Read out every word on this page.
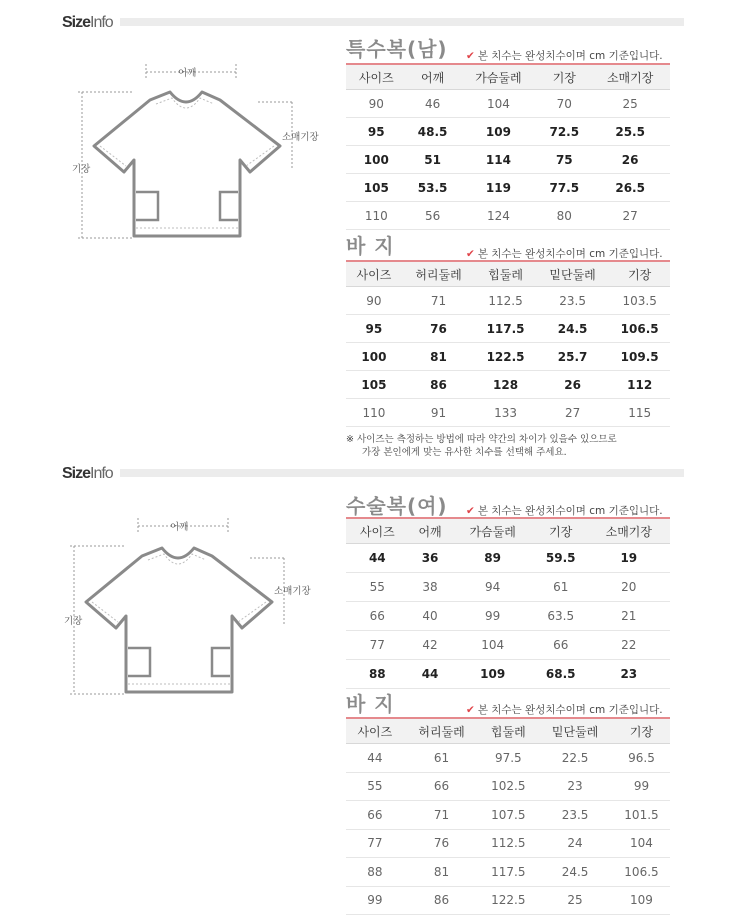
SizeInfo
어깨
소매기장
기장
특수복(남) ✔ 본 치수는 완성치수이며 cm 기준입니다.
사이즈	어깨	가슴둘레	기장	소매기장
90	46	104	70	25
95	48.5	109	72.5	25.5
100	51	114	75	26
105	53.5	119	77.5	26.5
110	56	124	80	27
바 지	✔ 본 치수는 완성치수이며 cm 기준입니다.
사이즈	허리둘레	힙둘레	밑단둘레	기장
90	71	112.5	23.5	103.5
95	76	117.5	24.5	106.5
100	81	122.5	25.7	109.5
105	86	128	26	112
110	91	133	27	115
※ 사이즈는 측정하는 방법에 따라 약간의 차이가 있을수 있으므로
가장 본인에게 맞는 유사한 치수를 선택해 주세요.
SizeInfo
어깨
소매기장
기장
수술복(여) ✔ 본 치수는 완성치수이며 cm 기준입니다.
사이즈	어깨	가슴둘레	기장	소매기장
44	36	89	59.5	19
55	38	94	61	20
66	40	99	63.5	21
77	42	104	66	22
88	44	109	68.5	23
바 지	✔ 본 치수는 완성치수이며 cm 기준입니다.
사이즈	허리둘레	힙둘레	밑단둘레	기장
44	61	97.5	22.5	96.5
55	66	102.5	23	99
66	71	107.5	23.5	101.5
77	76	112.5	24	104
88	81	117.5	24.5	106.5
99	86	122.5	25	109
